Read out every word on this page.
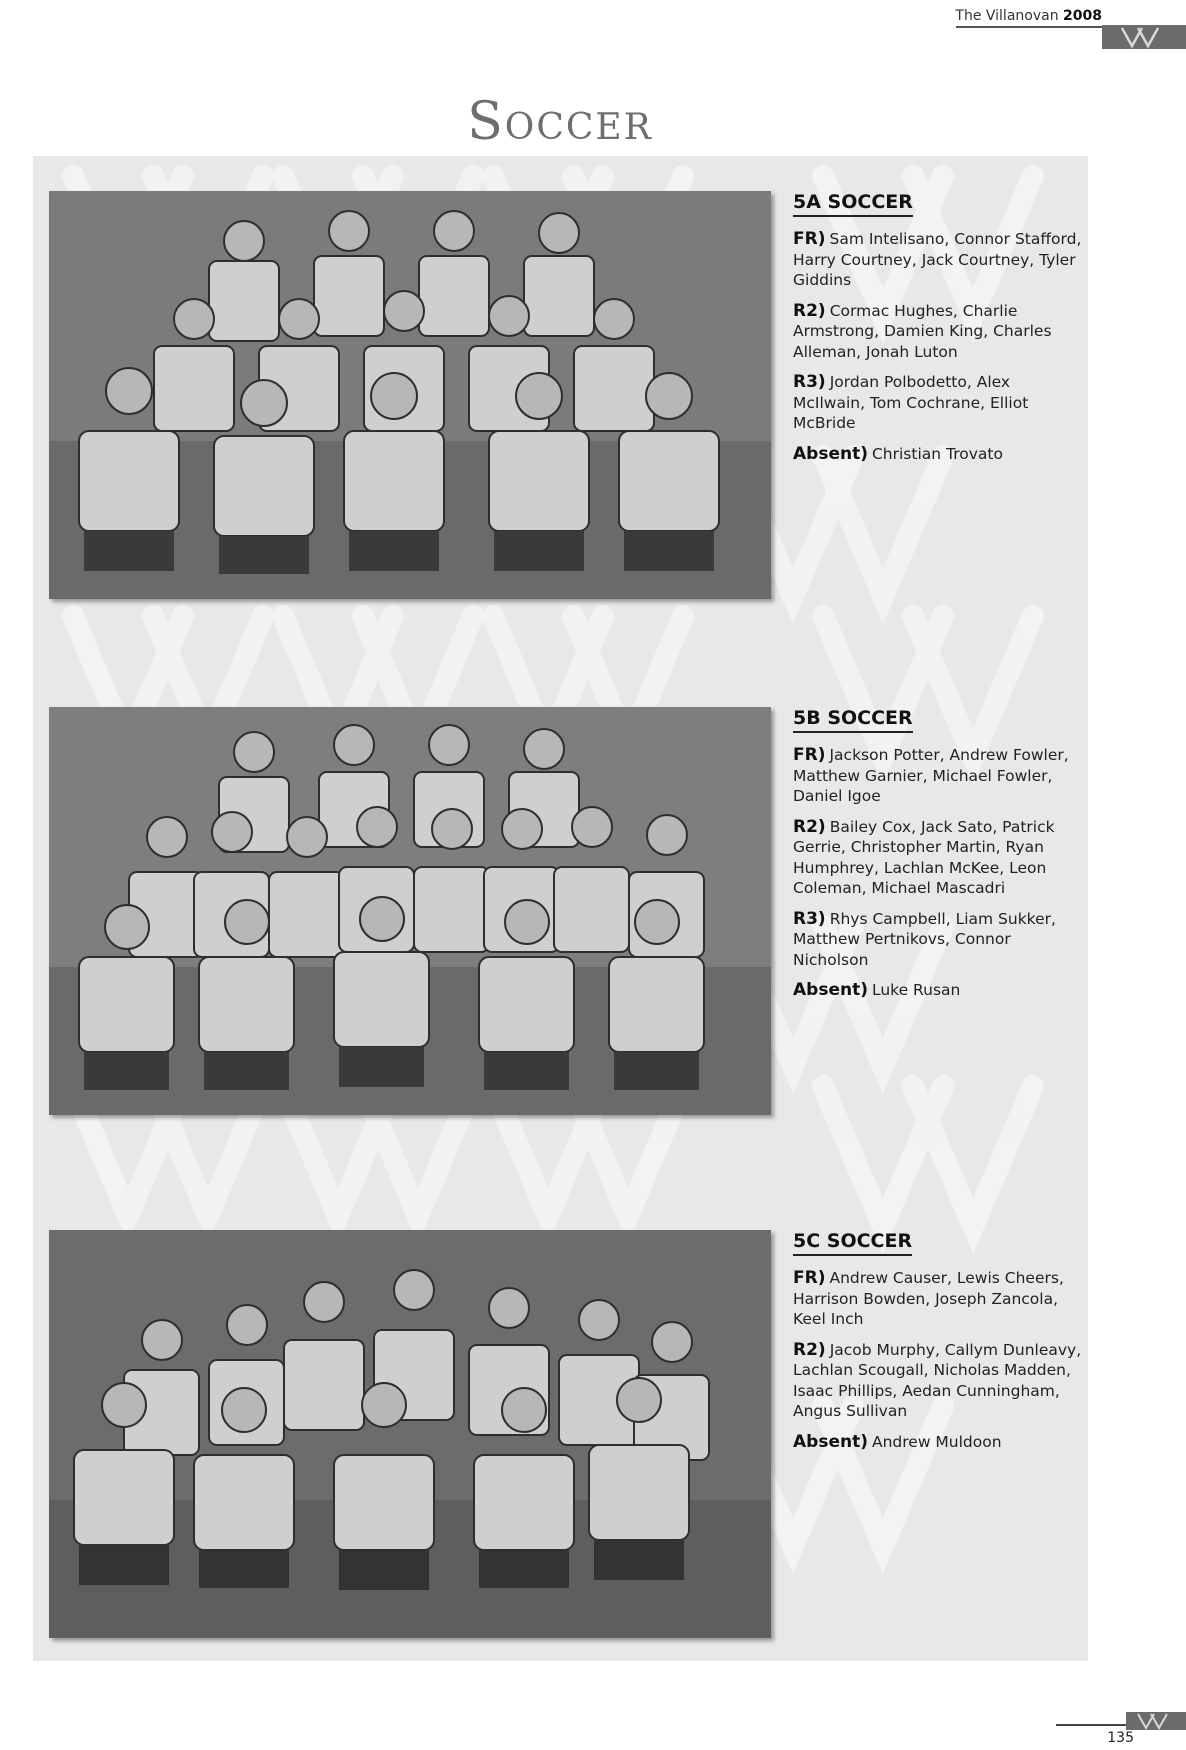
The Villanovan 2008
Soccer
5A SOCCER

FR) Sam Intelisano, Connor Stafford, Harry Courtney, Jack Courtney, Tyler Giddins

R2) Cormac Hughes, Charlie Armstrong, Damien King, Charles Alleman, Jonah Luton

R3) Jordan Polbodetto, Alex McIlwain, Tom Cochrane, Elliot McBride

Absent) Christian Trovato

5B SOCCER

FR) Jackson Potter, Andrew Fowler, Matthew Garnier, Michael Fowler, Daniel Igoe

R2) Bailey Cox, Jack Sato, Patrick Gerrie, Christopher Martin, Ryan Humphrey, Lachlan McKee, Leon Coleman, Michael Mascadri

R3) Rhys Campbell, Liam Sukker, Matthew Pertnikovs, Connor Nicholson

Absent) Luke Rusan

5C SOCCER

FR) Andrew Causer, Lewis Cheers, Harrison Bowden, Joseph Zancola, Keel Inch

R2) Jacob Murphy, Callym Dunleavy, Lachlan Scougall, Nicholas Madden, Isaac Phillips, Aedan Cunningham, Angus Sullivan

Absent) Andrew Muldoon

135
